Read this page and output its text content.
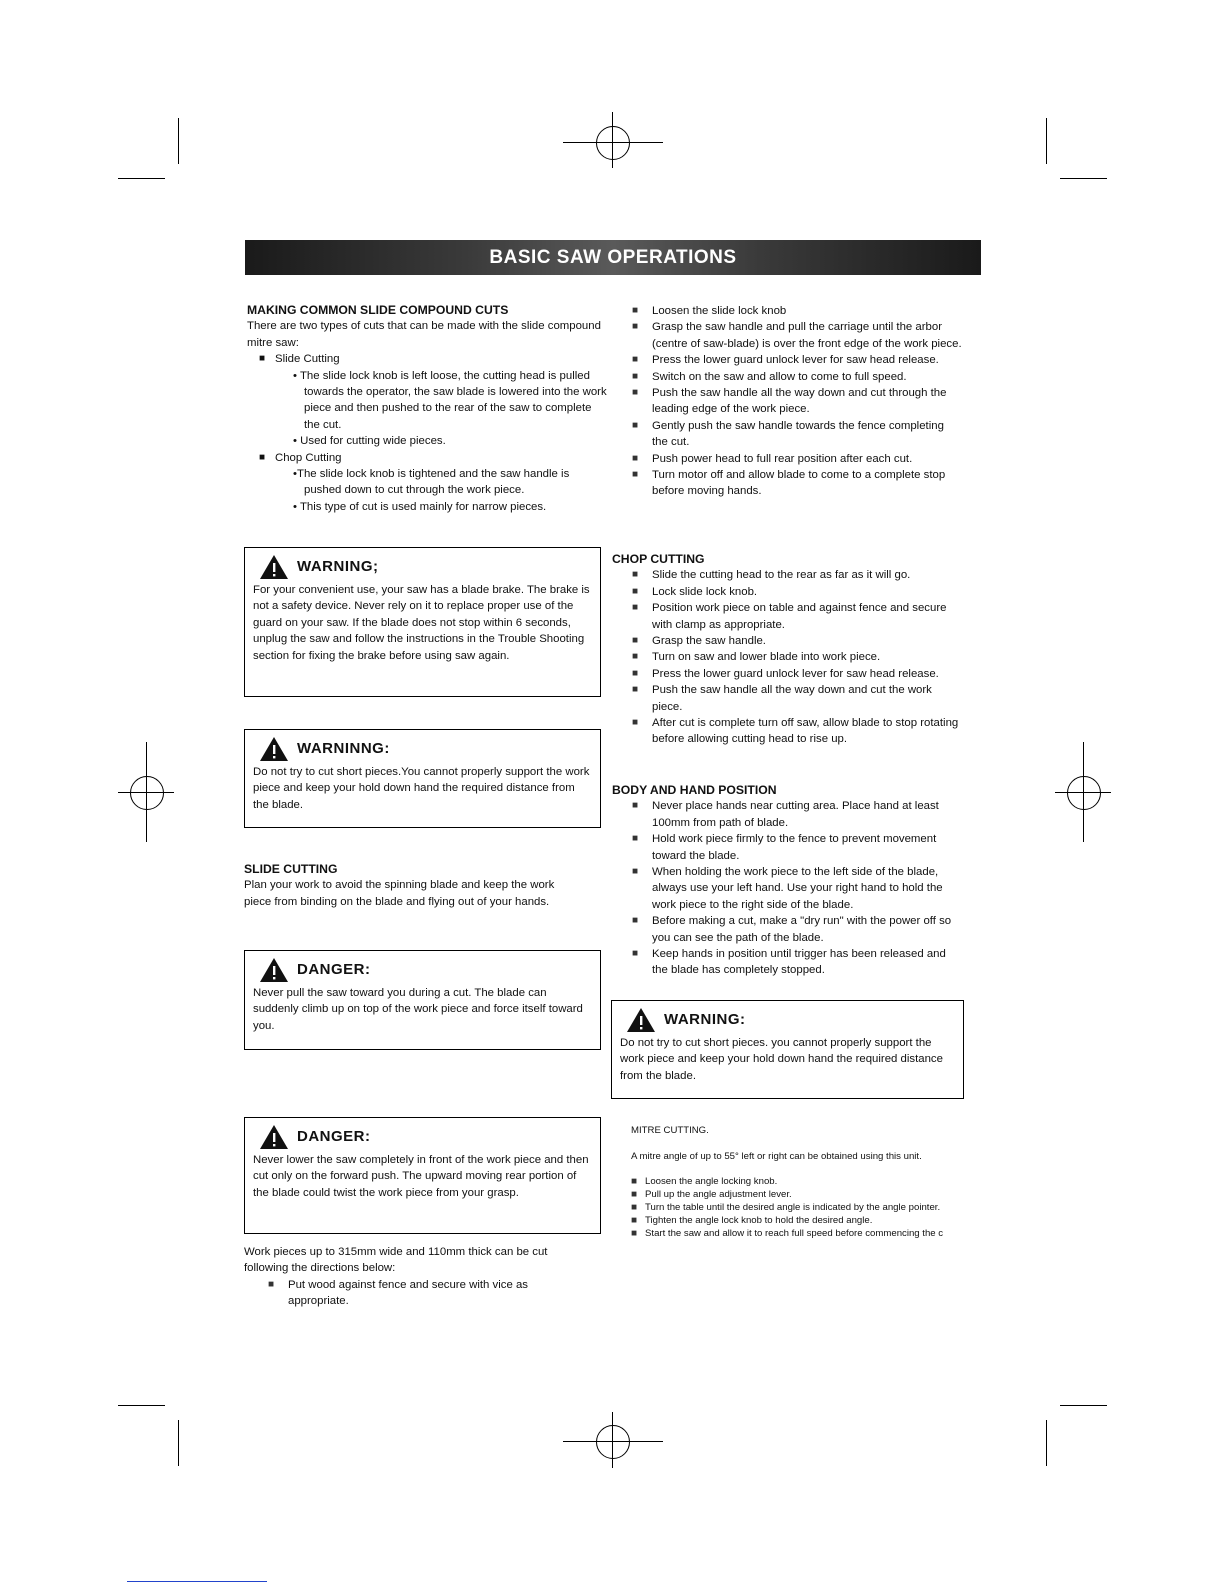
BASIC SAW OPERATIONS

MAKING COMMON SLIDE COMPOUND CUTS

There are two types of cuts that can be made with the slide compound mitre saw:

■ Slide Cutting

• The slide lock knob is left loose, the cutting head is pulled towards the operator, the saw blade is lowered into the work piece and then pushed to the rear of the saw to complete the cut.

• Used for cutting wide pieces.

■ Chop Cutting

•The slide lock knob is tightened and the saw handle is pushed down to cut through the work piece.

• This type of cut is used mainly for narrow pieces.

WARNING;

For your convenient use, your saw has a blade brake. The brake is not a safety device. Never rely on it to replace proper use of the guard on your saw. If the blade does not stop within 6 seconds, unplug the saw and follow the instructions in the Trouble Shooting section for fixing the brake before using saw again.

WARNINNG:

Do not try to cut short pieces.You cannot properly support the work piece and keep your hold down hand the required distance from the blade.

SLIDE CUTTING

Plan your work to avoid the spinning blade and keep the work piece from binding on the blade and flying out of your hands.

DANGER:

Never pull the saw toward you during a cut. The blade can suddenly climb up on top of the work piece and force itself toward you.

DANGER:

Never lower the saw completely in front of the work piece and then cut only on the forward push. The upward moving rear portion of the blade could twist the work piece from your grasp.

Work pieces up to 315mm wide and 110mm thick can be cut following the directions below:

■ Put wood against fence and secure with vice as appropriate.

■ Loosen the slide lock knob

■ Grasp the saw handle and pull the carriage until the arbor (centre of saw-blade) is over the front edge of the work piece.

■ Press the lower guard unlock lever for saw head release.

■ Switch on the saw and allow to come to full speed.

■ Push the saw handle all the way down and cut through the leading edge of the work piece.

■ Gently push the saw handle towards the fence completing the cut.

■ Push power head to full rear position after each cut.

■ Turn motor off and allow blade to come to a complete stop before moving hands.

CHOP CUTTING

■ Slide the cutting head to the rear as far as it will go.

■ Lock slide lock knob.

■ Position work piece on table and against fence and secure with clamp as appropriate.

■ Grasp the saw handle.

■ Turn on saw and lower blade into work piece.

■ Press the lower guard unlock lever for saw head release.

■ Push the saw handle all the way down and cut the work piece.

■ After cut is complete turn off saw, allow blade to stop rotating before allowing cutting head to rise up.

BODY AND HAND POSITION

■ Never place hands near cutting area. Place hand at least 100mm from path of blade.

■ Hold work piece firmly to the fence to prevent movement toward the blade.

■ When holding the work piece to the left side of the blade, always use your left hand. Use your right hand to hold the work piece to the right side of the blade.

■ Before making a cut, make a "dry run" with the power off so you can see the path of the blade.

■ Keep hands in position until trigger has been released and the blade has completely stopped.

WARNING:

Do not try to cut short pieces. you cannot properly support the work piece and keep your hold down hand the required distance from the blade.

MITRE CUTTING.

A mitre angle of up to 55° left or right can be obtained using this unit.

■ Loosen the angle locking knob.

■ Pull up the angle adjustment lever.

■ Turn the table until the desired angle is indicated by the angle pointer.

■ Tighten the angle lock knob to hold the desired angle.

■ Start the saw and allow it to reach full speed before commencing the c
